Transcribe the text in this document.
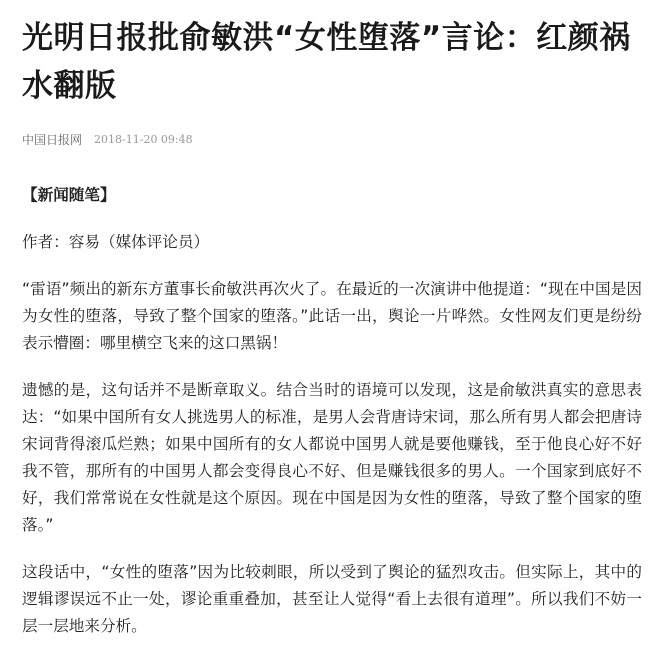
光明日报批俞敏洪“女性堕落”言论：红颜祸水翻版
中国日报网 2018-11-20 09:48

【新闻随笔】

作者：容易（媒体评论员）

“雷语”频出的新东方董事长俞敏洪再次火了。在最近的一次演讲中他提道：“现在中国是因为女性的堕落，导致了整个国家的堕落。”此话一出，舆论一片哗然。女性网友们更是纷纷表示懵圈：哪里横空飞来的这口黑锅！

遗憾的是，这句话并不是断章取义。结合当时的语境可以发现，这是俞敏洪真实的意思表达：“如果中国所有女人挑选男人的标准，是男人会背唐诗宋词，那么所有男人都会把唐诗宋词背得滚瓜烂熟；如果中国所有的女人都说中国男人就是要他赚钱，至于他良心好不好我不管，那所有的中国男人都会变得良心不好、但是赚钱很多的男人。一个国家到底好不好，我们常常说在女性就是这个原因。现在中国是因为女性的堕落，导致了整个国家的堕落。”

这段话中，“女性的堕落”因为比较刺眼，所以受到了舆论的猛烈攻击。但实际上，其中的逻辑谬误远不止一处，谬论重重叠加，甚至让人觉得“看上去很有道理”。所以我们不妨一层一层地来分析。
